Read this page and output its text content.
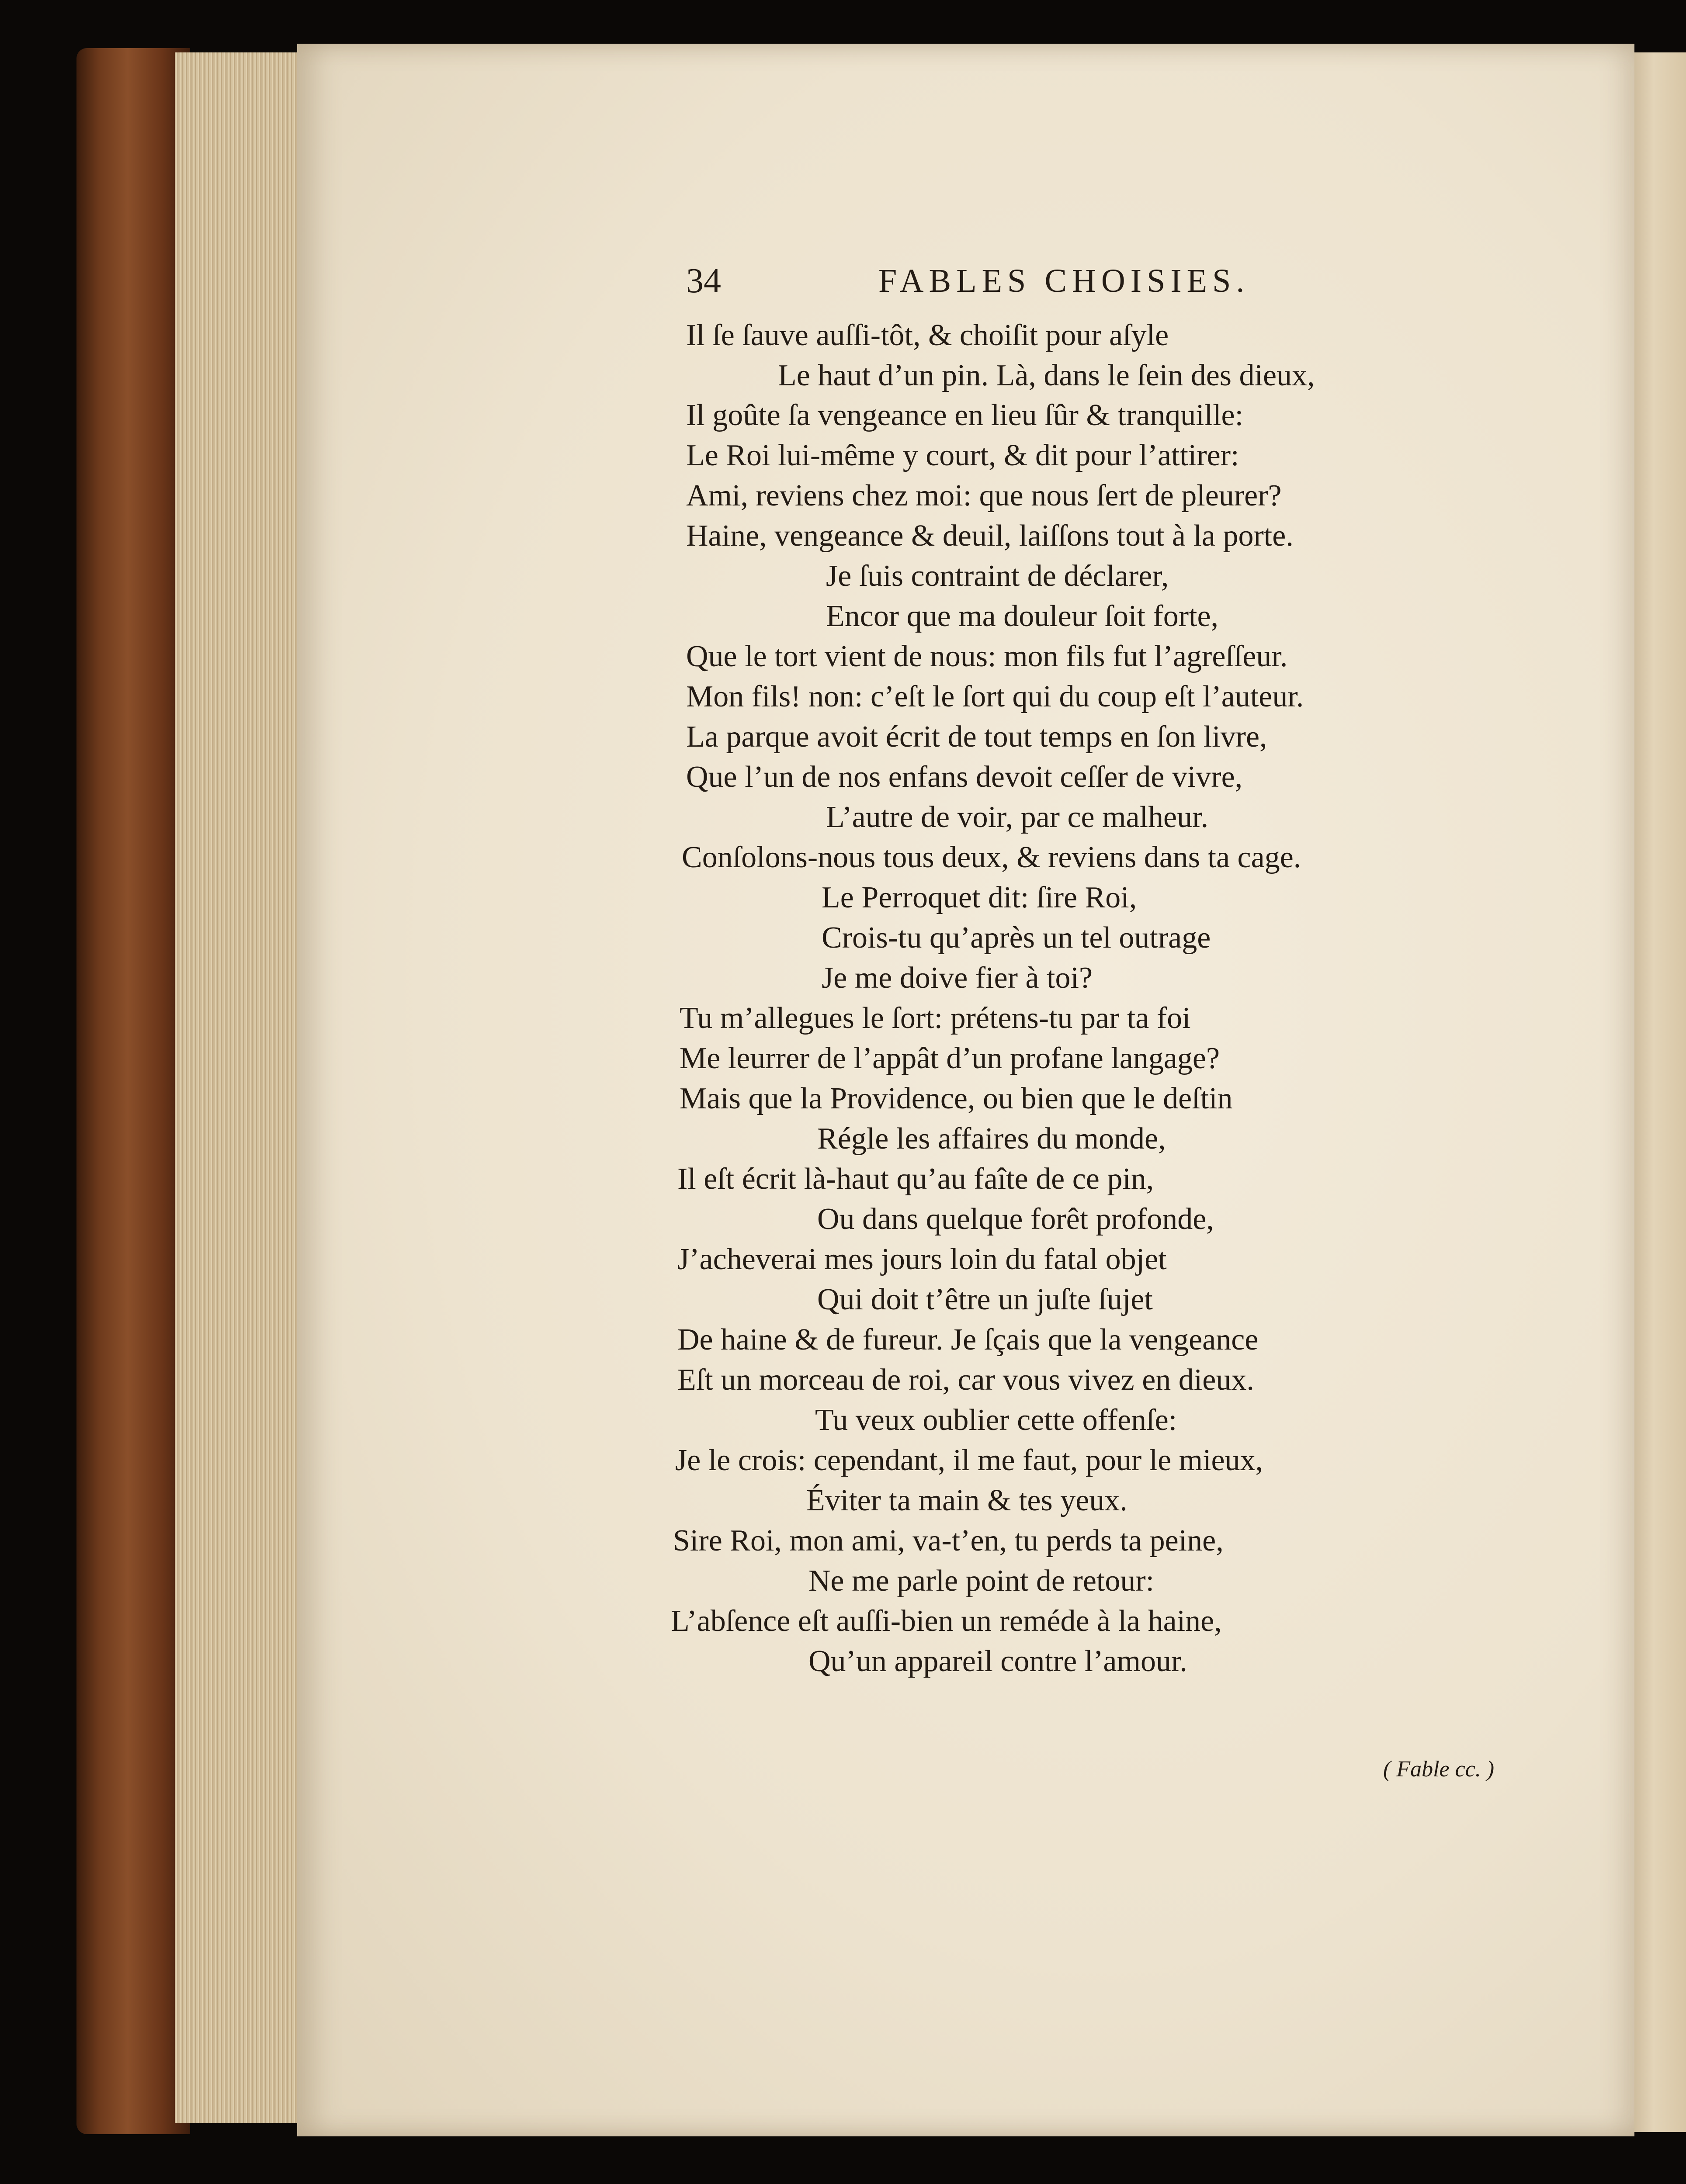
34	FABLES CHOISIES.
Il ſe ſauve auſſi-tôt, & choiſit pour aſyle
Le haut d’un pin. Là, dans le ſein des dieux,
Il goûte ſa vengeance en lieu ſûr & tranquille:
Le Roi lui-même y court, & dit pour l’attirer:
Ami, reviens chez moi: que nous ſert de pleurer?
Haine, vengeance & deuil, laiſſons tout à la porte.
Je ſuis contraint de déclarer,
Encor que ma douleur ſoit forte,
Que le tort vient de nous: mon fils fut l’agreſſeur.
Mon fils! non: c’eſt le ſort qui du coup eſt l’auteur.
La parque avoit écrit de tout temps en ſon livre,
Que l’un de nos enfans devoit ceſſer de vivre,
L’autre de voir, par ce malheur.
Conſolons-nous tous deux, & reviens dans ta cage.
Le Perroquet dit: ſire Roi,
Crois-tu qu’après un tel outrage
Je me doive fier à toi?
Tu m’allegues le ſort: prétens-tu par ta foi
Me leurrer de l’appât d’un profane langage?
Mais que la Providence, ou bien que le deſtin
Régle les affaires du monde,
Il eſt écrit là-haut qu’au faîte de ce pin,
Ou dans quelque forêt profonde,
J’acheverai mes jours loin du fatal objet
Qui doit t’être un juſte ſujet
De haine & de fureur. Je ſçais que la vengeance
Eſt un morceau de roi, car vous vivez en dieux.
Tu veux oublier cette offenſe:
Je le crois: cependant, il me faut, pour le mieux,
Éviter ta main & tes yeux.
Sire Roi, mon ami, va-t’en, tu perds ta peine,
Ne me parle point de retour:
L’abſence eſt auſſi-bien un reméde à la haine,
Qu’un appareil contre l’amour.
( Fable cc. )
